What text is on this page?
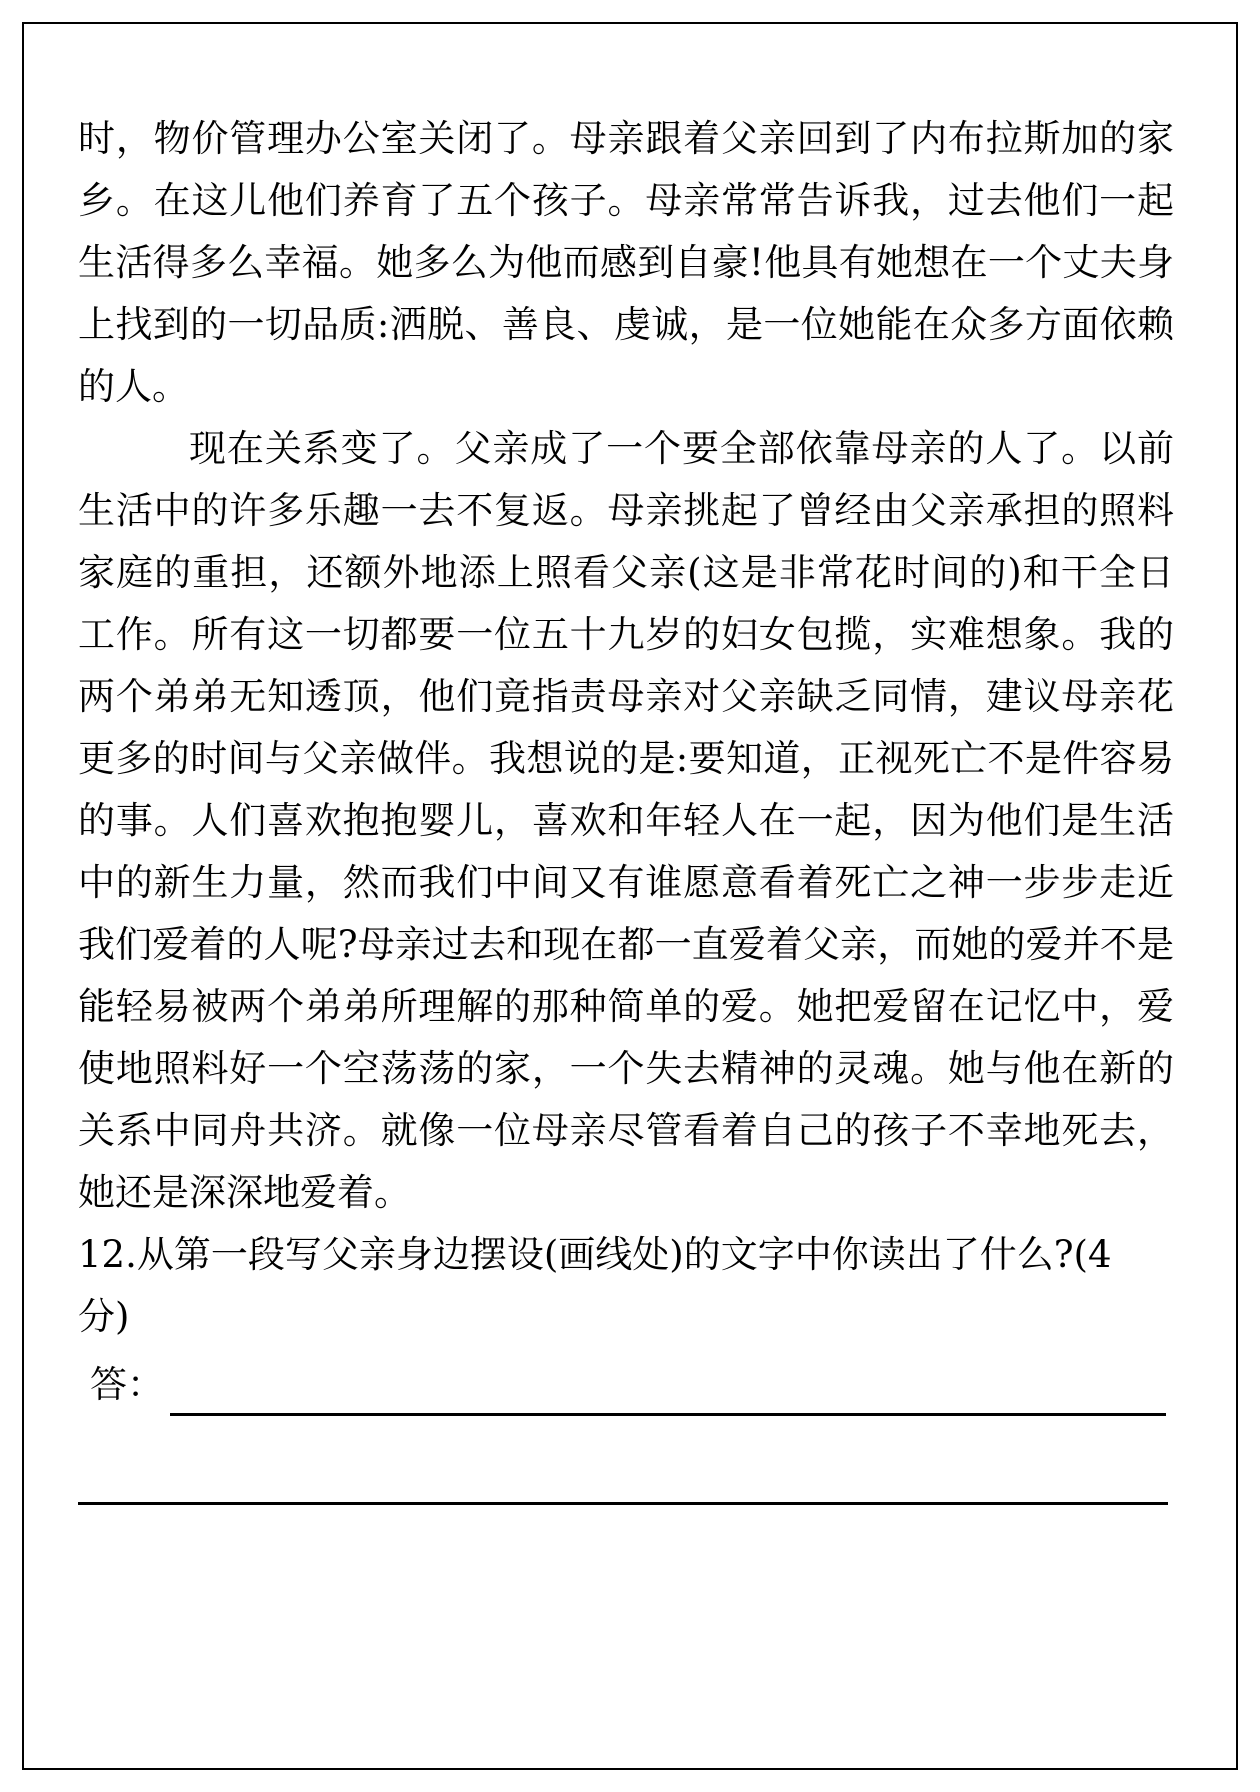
时，物价管理办公室关闭了。母亲跟着父亲回到了内布拉斯加的家乡。在这儿他们养育了五个孩子。母亲常常告诉我，过去他们一起生活得多么幸福。她多么为他而感到自豪!他具有她想在一个丈夫身上找到的一切品质:洒脱、善良、虔诚，是一位她能在众多方面依赖的人。

现在关系变了。父亲成了一个要全部依靠母亲的人了。以前生活中的许多乐趣一去不复返。母亲挑起了曾经由父亲承担的照料家庭的重担，还额外地添上照看父亲(这是非常花时间的)和干全日工作。所有这一切都要一位五十九岁的妇女包揽，实难想象。我的两个弟弟无知透顶，他们竟指责母亲对父亲缺乏同情，建议母亲花更多的时间与父亲做伴。我想说的是:要知道，正视死亡不是件容易的事。人们喜欢抱抱婴儿，喜欢和年轻人在一起，因为他们是生活中的新生力量，然而我们中间又有谁愿意看着死亡之神一步步走近我们爱着的人呢?母亲过去和现在都一直爱着父亲，而她的爱并不是能轻易被两个弟弟所理解的那种简单的爱。她把爱留在记忆中，爱使地照料好一个空荡荡的家，一个失去精神的灵魂。她与他在新的关系中同舟共济。就像一位母亲尽管看着自己的孩子不幸地死去，她还是深深地爱着。

12.从第一段写父亲身边摆设(画线处)的文字中你读出了什么?(4 分)

答：
